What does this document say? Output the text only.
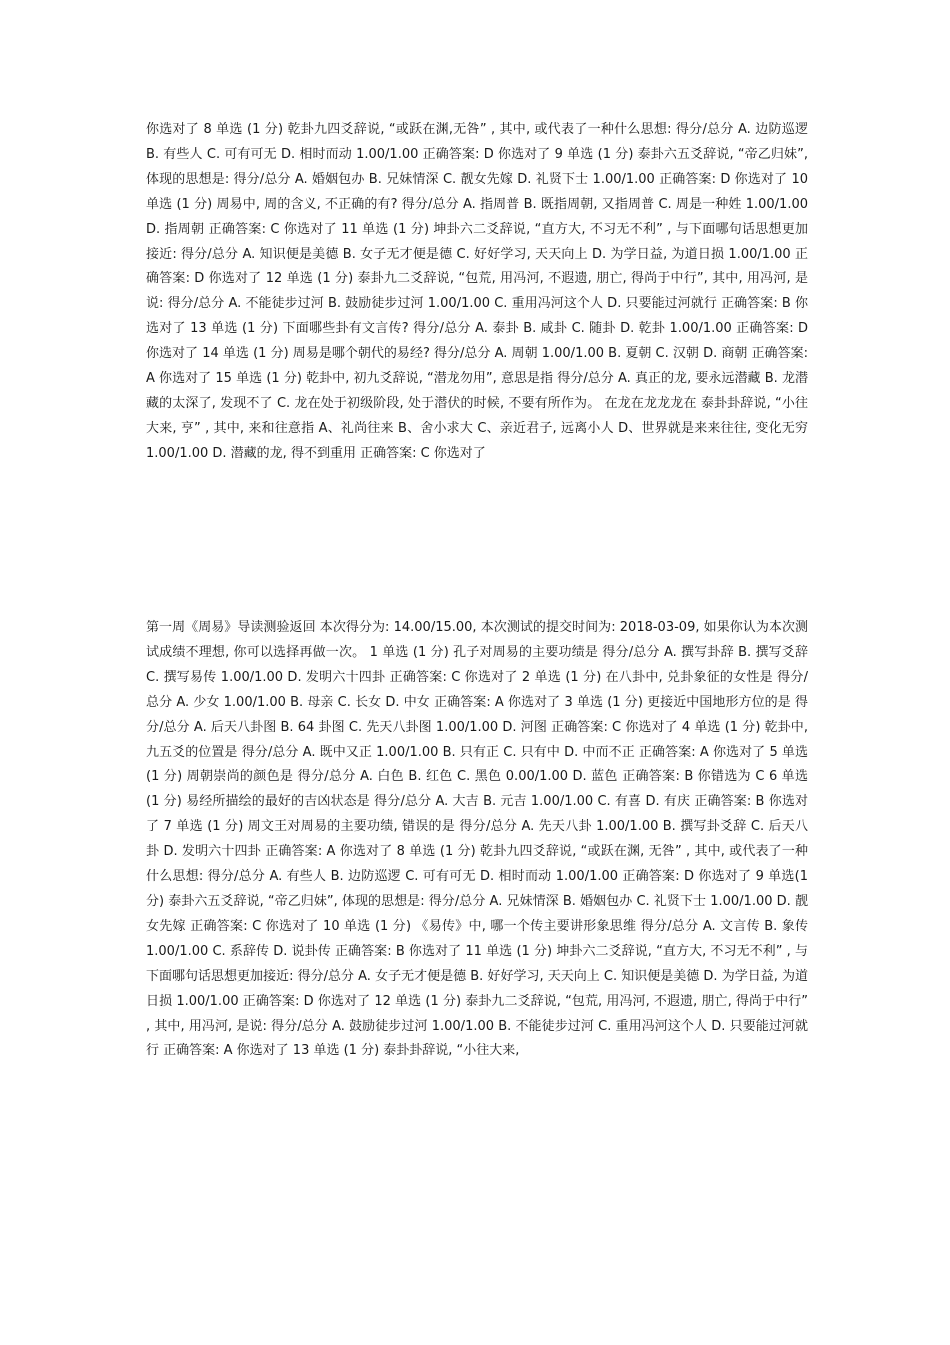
你选对了 8 单选 (1 分) 乾卦九四爻辞说, “或跃在渊,无咎” , 其中, 或代表了一种什么思想: 得分/总分 A. 边防巡逻 B. 有些人 C. 可有可无 D. 相时而动 1.00/1.00 正确答案: D 你选对了 9 单选 (1 分) 泰卦六五爻辞说, “帝乙归妹”,体现的思想是: 得分/总分 A. 婚姻包办 B. 兄妹情深 C. 靓女先嫁 D. 礼贤下士 1.00/1.00 正确答案: D 你选对了 10 单选 (1 分) 周易中, 周的含义, 不正确的有? 得分/总分 A. 指周普 B. 既指周朝, 又指周普 C. 周是一种姓 1.00/1.00 D. 指周朝 正确答案: C 你选对了 11 单选 (1 分) 坤卦六二爻辞说, “直方大, 不习无不利” , 与下面哪句话思想更加接近: 得分/总分 A. 知识便是美德 B. 女子无才便是德 C. 好好学习, 天天向上 D. 为学日益, 为道日损 1.00/1.00 正确答案: D 你选对了 12 单选 (1 分) 泰卦九二爻辞说, “包荒, 用冯河, 不遐遗, 朋亡, 得尚于中行”, 其中, 用冯河, 是说: 得分/总分 A. 不能徒步过河 B. 鼓励徒步过河 1.00/1.00 C. 重用冯河这个人 D. 只要能过河就行 正确答案: B 你选对了 13 单选 (1 分) 下面哪些卦有文言传? 得分/总分 A. 泰卦 B. 咸卦 C. 随卦 D. 乾卦 1.00/1.00 正确答案: D 你选对了 14 单选 (1 分) 周易是哪个朝代的易经? 得分/总分 A. 周朝 1.00/1.00 B. 夏朝 C. 汉朝 D. 商朝 正确答案: A 你选对了 15 单选 (1 分) 乾卦中, 初九爻辞说, “潜龙勿用”, 意思是指 得分/总分 A. 真正的龙, 要永远潜藏 B. 龙潜藏的太深了, 发现不了 C. 龙在处于初级阶段, 处于潜伏的时候, 不要有所作为。 在龙在龙龙龙在 泰卦卦辞说, “小往大来, 亨” , 其中, 来和往意指 A、礼尚往来 B、舍小求大 C、亲近君子, 远离小人 D、世界就是来来往往, 变化无穷 1.00/1.00 D. 潜藏的龙, 得不到重用 正确答案: C 你选对了

第一周《周易》导读测验返回 本次得分为: 14.00/15.00, 本次测试的提交时间为: 2018-03-09, 如果你认为本次测试成绩不理想, 你可以选择再做一次。 1 单选 (1 分) 孔子对周易的主要功绩是 得分/总分 A. 撰写卦辞 B. 撰写爻辞 C. 撰写易传 1.00/1.00 D. 发明六十四卦 正确答案: C 你选对了 2 单选 (1 分) 在八卦中, 兑卦象征的女性是 得分/总分 A. 少女 1.00/1.00 B. 母亲 C. 长女 D. 中女 正确答案: A 你选对了 3 单选 (1 分) 更接近中国地形方位的是 得分/总分 A. 后天八卦图 B. 64 卦图 C. 先天八卦图 1.00/1.00 D. 河图 正确答案: C 你选对了 4 单选 (1 分) 乾卦中, 九五爻的位置是 得分/总分 A. 既中又正 1.00/1.00 B. 只有正 C. 只有中 D. 中而不正 正确答案: A 你选对了 5 单选 (1 分) 周朝崇尚的颜色是 得分/总分 A. 白色 B. 红色 C. 黑色 0.00/1.00 D. 蓝色 正确答案: B 你错选为 C 6 单选 (1 分) 易经所描绘的最好的吉凶状态是 得分/总分 A. 大吉 B. 元吉 1.00/1.00 C. 有喜 D. 有庆 正确答案: B 你选对了 7 单选 (1 分) 周文王对周易的主要功绩, 错误的是 得分/总分 A. 先天八卦 1.00/1.00 B. 撰写卦爻辞 C. 后天八卦 D. 发明六十四卦 正确答案: A 你选对了 8 单选 (1 分) 乾卦九四爻辞说, “或跃在渊, 无咎” , 其中, 或代表了一种什么思想: 得分/总分 A. 有些人 B. 边防巡逻 C. 可有可无 D. 相时而动 1.00/1.00 正确答案: D 你选对了 9 单选(1 分) 泰卦六五爻辞说, “帝乙归妹”, 体现的思想是: 得分/总分 A. 兄妹情深 B. 婚姻包办 C. 礼贤下士 1.00/1.00 D. 靓女先嫁 正确答案: C 你选对了 10 单选 (1 分) 《易传》中, 哪一个传主要讲形象思维 得分/总分 A. 文言传 B. 象传 1.00/1.00 C. 系辞传 D. 说卦传 正确答案: B 你选对了 11 单选 (1 分) 坤卦六二爻辞说, “直方大, 不习无不利” , 与下面哪句话思想更加接近: 得分/总分 A. 女子无才便是德 B. 好好学习, 天天向上 C. 知识便是美德 D. 为学日益, 为道日损 1.00/1.00 正确答案: D 你选对了 12 单选 (1 分) 泰卦九二爻辞说, “包荒, 用冯河, 不遐遗, 朋亡, 得尚于中行” , 其中, 用冯河, 是说: 得分/总分 A. 鼓励徒步过河 1.00/1.00 B. 不能徒步过河 C. 重用冯河这个人 D. 只要能过河就行 正确答案: A 你选对了 13 单选 (1 分) 泰卦卦辞说, “小往大来,
